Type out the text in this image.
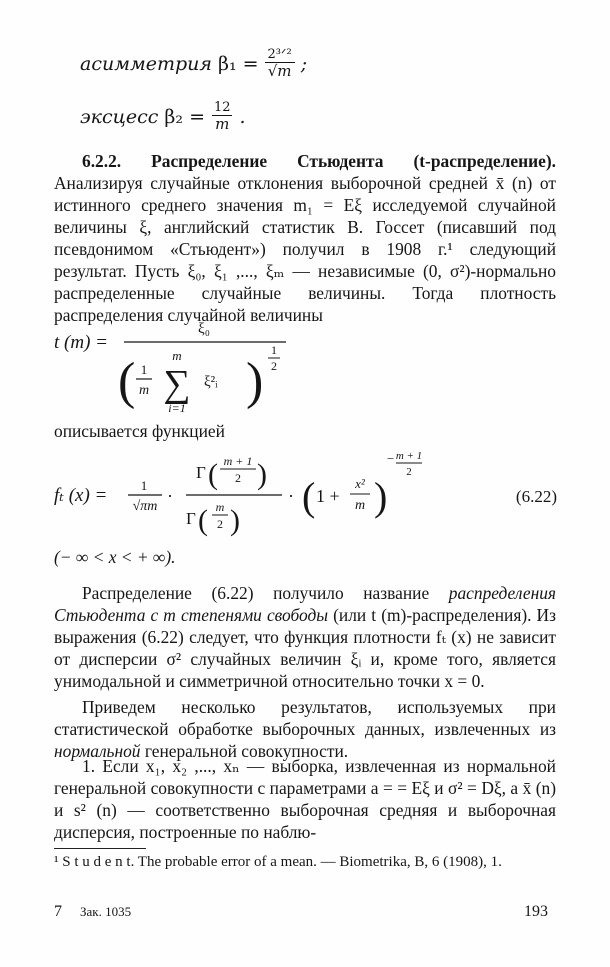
асимметрия $\beta_1 = \frac{\text{2³ᐟ²}}{√m}$ ;
эксцесс $\beta_2 = \frac{12}{m}$ .

6.2.2. Распределение Стьюдента (t-распределение). Анализируя случайные отклонения выборочной средней x̄ (n) от истинного среднего значения m₁ = Eξ исследуемой случайной величины ξ, английский статистик В. Госсет (писавший под псевдонимом «Стьюдент») получил в 1908 г.¹ следующий результат. Пусть ξ₀, ξ₁ ,..., ξₘ — независимые (0, σ²)-нормально распределенные случайные величины. Тогда плотность распределения случайной величины

t (m) =
ξ₀
( 1
m
m
∑
i=1
ξ²ᵢ )
1
2
описывается функцией
fₜ (x) =	1
√πm
·
Γ ( m + 1
2 )
Γ ( m
2 )
· ( 1 +
x²
m )
− m + 1
2
(6.22)
(− ∞ < x < + ∞).

Распределение (6.22) получило название распределения Стьюдента с m степенями свободы (или t (m)-распределения). Из выражения (6.22) следует, что функция плотности fₜ (x) не зависит от дисперсии σ² случайных величин ξᵢ и, кроме того, является унимодальной и симметричной относительно точки x = 0.

Приведем несколько результатов, используемых при статистической обработке выборочных данных, извлеченных из нормальной генеральной совокупности.

1. Если x₁, x₂ ,..., xₙ — выборка, извлеченная из нормальной генеральной совокупности с параметрами a = = Eξ и σ² = Dξ, а x̄ (n) и s² (n) — соответственно выборочная средняя и выборочная дисперсия, построенные по наблю-

¹ S t u d e n t. The probable error of a mean. — Biometrika, B, 6 (1908), 1.
7 Зак. 1035	193
